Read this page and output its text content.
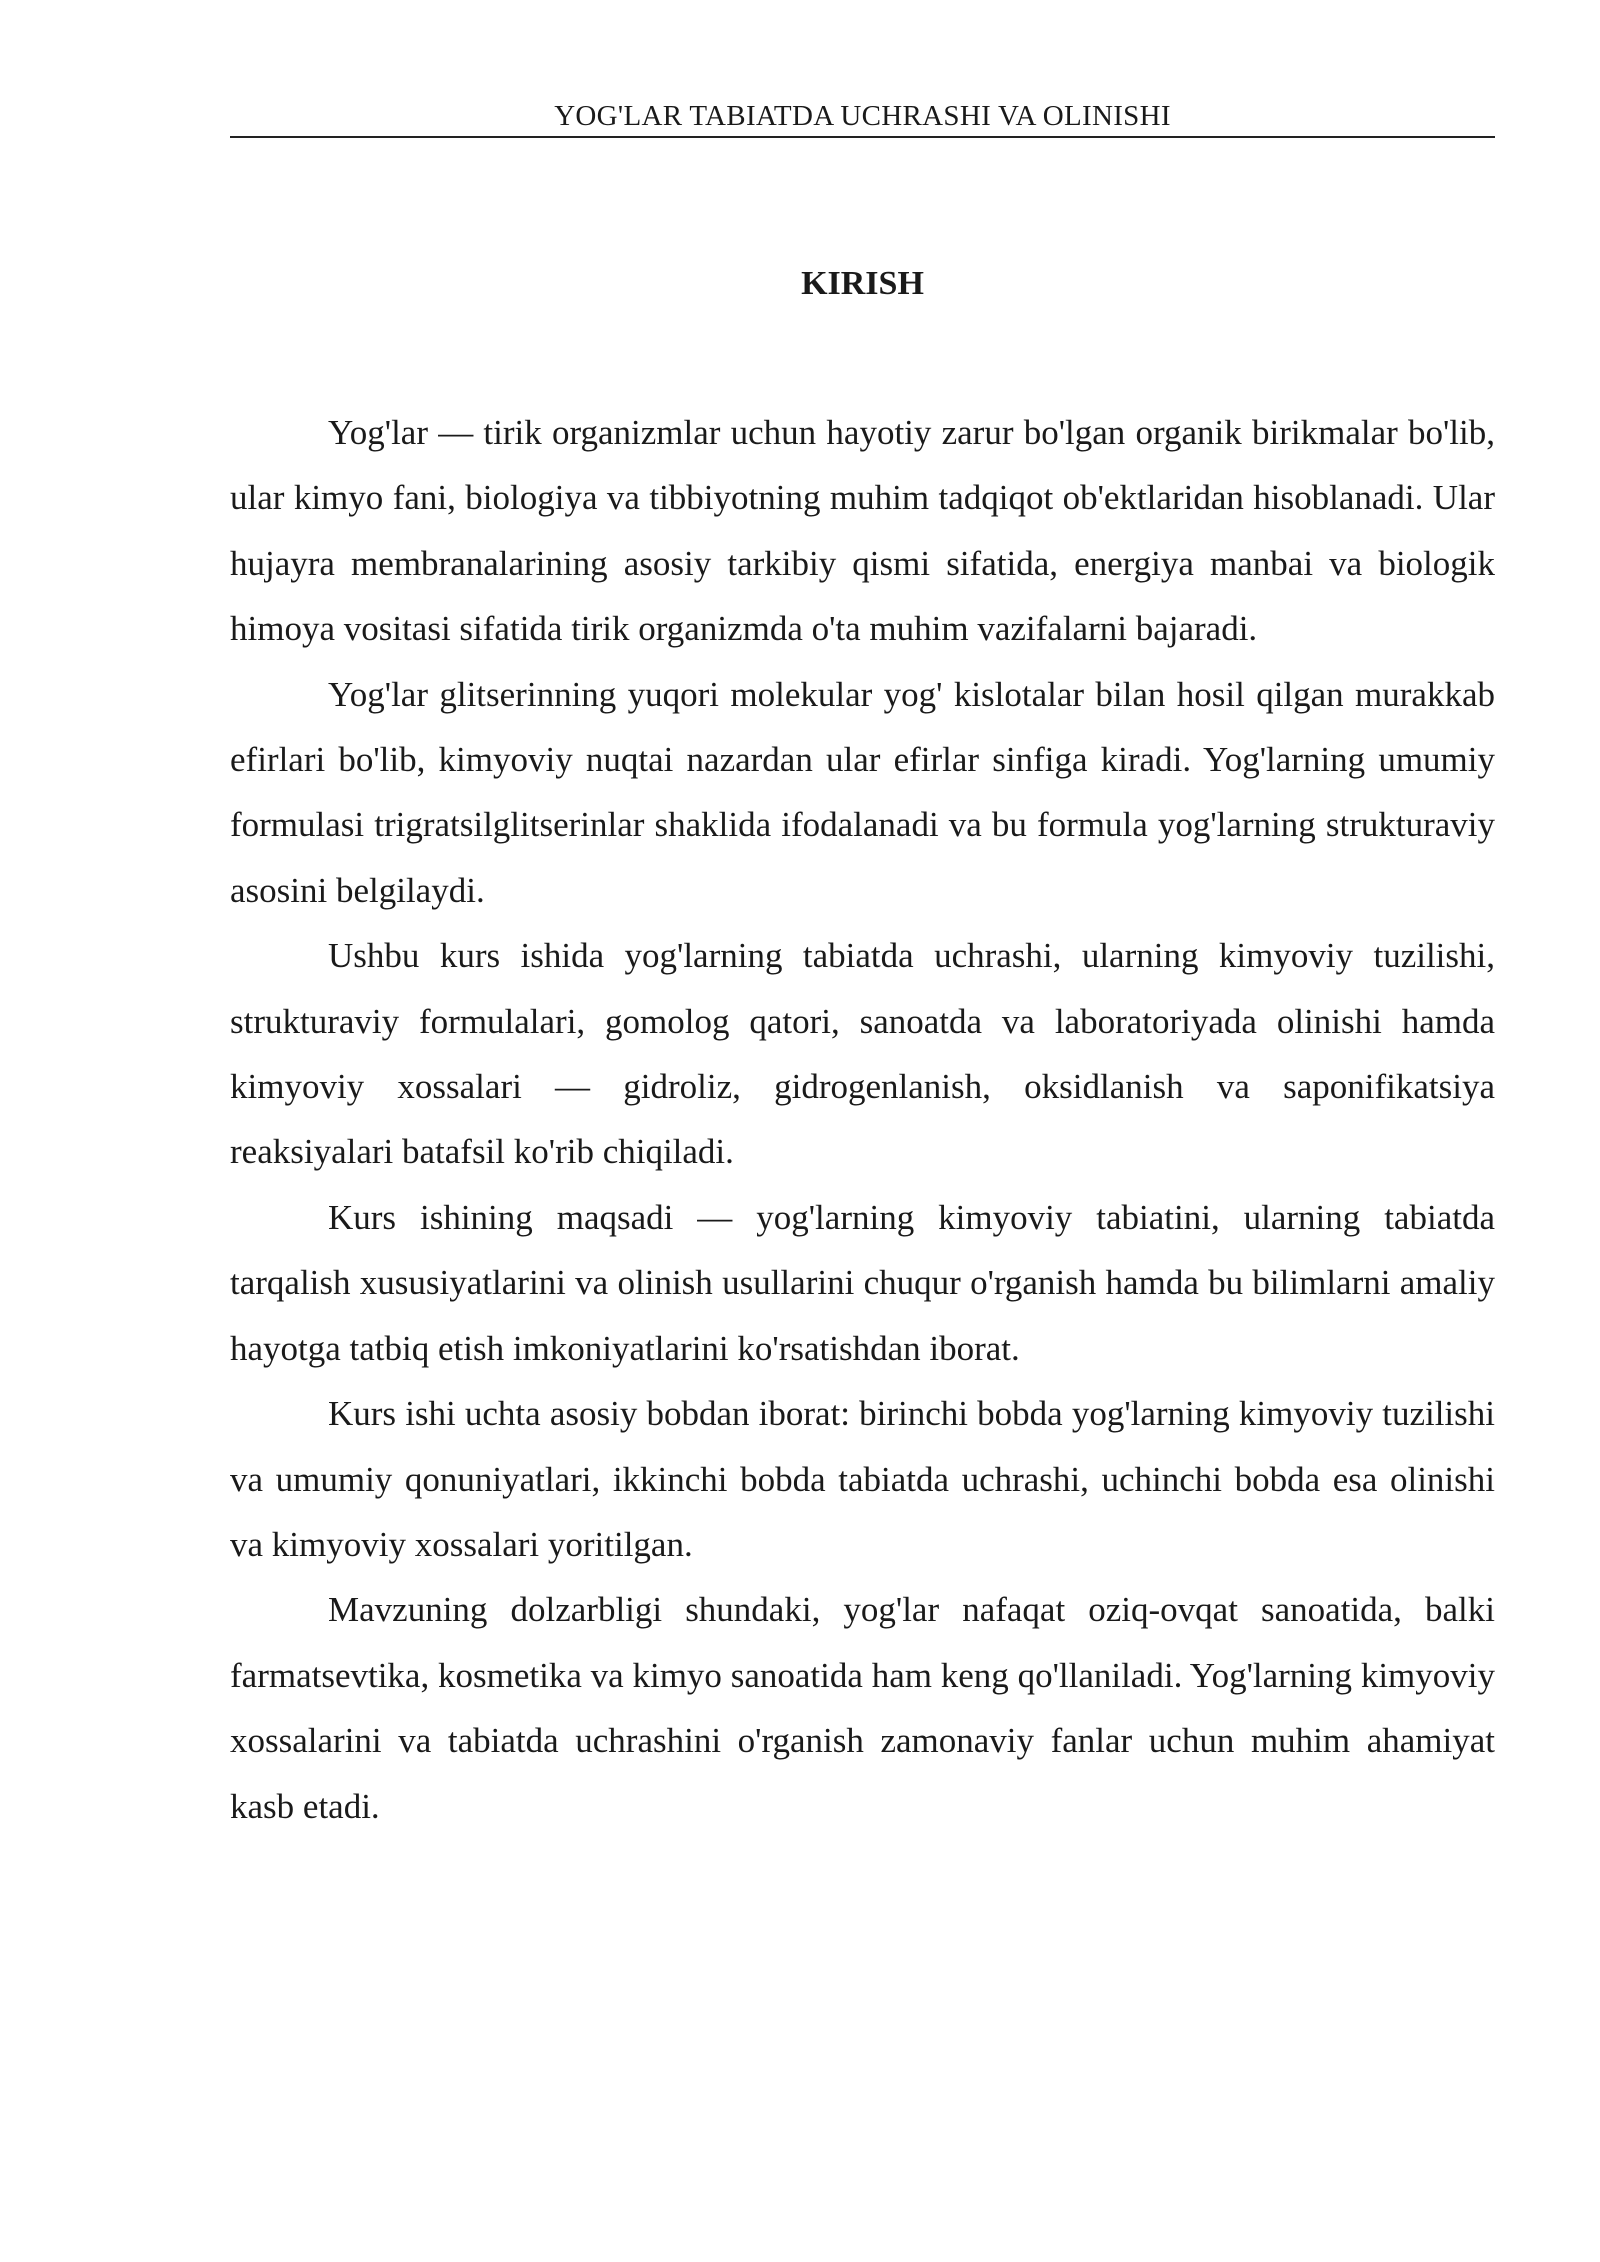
YOG'LAR TABIATDA UCHRASHI VA OLINISHI
KIRISH

Yog'lar — tirik organizmlar uchun hayotiy zarur bo'lgan organik birikmalar bo'lib, ular kimyo fani, biologiya va tibbiyotning muhim tadqiqot ob'ektlaridan hisoblanadi. Ular hujayra membranalarining asosiy tarkibiy qismi sifatida, energiya manbai va biologik himoya vositasi sifatida tirik organizmda o'ta muhim vazifalarni bajaradi.

Yog'lar glitserinning yuqori molekular yog' kislotalar bilan hosil qilgan murakkab efirlari bo'lib, kimyoviy nuqtai nazardan ular efirlar sinfiga kiradi. Yog'larning umumiy formulasi trigratsilglitserinlar shaklida ifodalanadi va bu formula yog'larning strukturaviy asosini belgilaydi.

Ushbu kurs ishida yog'larning tabiatda uchrashi, ularning kimyoviy tuzilishi, strukturaviy formulalari, gomolog qatori, sanoatda va laboratoriyada olinishi hamda kimyoviy xossalari — gidroliz, gidrogenlanish, oksidlanish va saponifikatsiya reaksiyalari batafsil ko'rib chiqiladi.

Kurs ishining maqsadi — yog'larning kimyoviy tabiatini, ularning tabiatda tarqalish xususiyatlarini va olinish usullarini chuqur o'rganish hamda bu bilimlarni amaliy hayotga tatbiq etish imkoniyatlarini ko'rsatishdan iborat.

Kurs ishi uchta asosiy bobdan iborat: birinchi bobda yog'larning kimyoviy tuzilishi va umumiy qonuniyatlari, ikkinchi bobda tabiatda uchrashi, uchinchi bobda esa olinishi va kimyoviy xossalari yoritilgan.

Mavzuning dolzarbligi shundaki, yog'lar nafaqat oziq-ovqat sanoatida, balki farmatsevtika, kosmetika va kimyo sanoatida ham keng qo'llaniladi. Yog'larning kimyoviy xossalarini va tabiatda uchrashini o'rganish zamonaviy fanlar uchun muhim ahamiyat kasb etadi.
